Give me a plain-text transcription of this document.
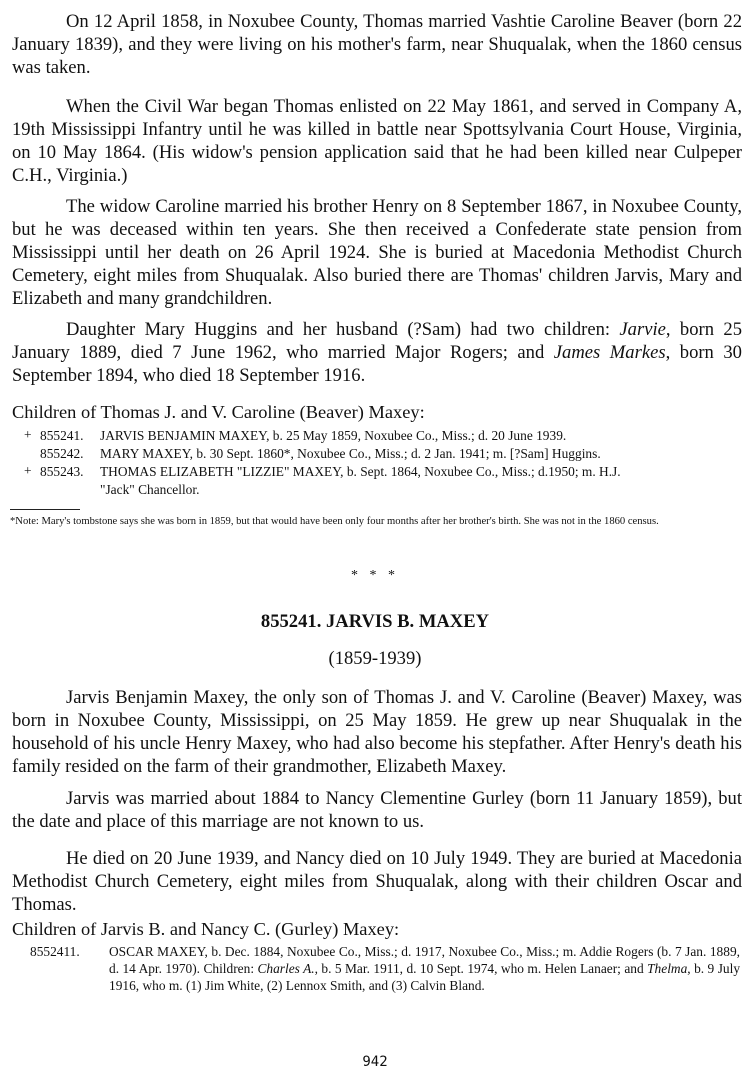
On 12 April 1858, in Noxubee County, Thomas married Vashtie Caroline Beaver (born 22 January 1839), and they were living on his mother's farm, near Shuqualak, when the 1860 census was taken.

When the Civil War began Thomas enlisted on 22 May 1861, and served in Company A, 19th Mississippi Infantry until he was killed in battle near Spottsylvania Court House, Virginia, on 10 May 1864. (His widow's pension application said that he had been killed near Culpeper C.H., Virginia.)

The widow Caroline married his brother Henry on 8 September 1867, in Noxubee County, but he was deceased within ten years. She then received a Confederate state pension from Mississippi until her death on 26 April 1924. She is buried at Macedonia Methodist Church Cemetery, eight miles from Shuqualak. Also buried there are Thomas' children Jarvis, Mary and Elizabeth and many grandchildren.

Daughter Mary Huggins and her husband (?Sam) had two children: Jarvie, born 25 January 1889, died 7 June 1962, who married Major Rogers; and James Markes, born 30 September 1894, who died 18 September 1916.

Children of Thomas J. and V. Caroline (Beaver) Maxey:
+ 855241. JARVIS BENJAMIN MAXEY, b. 25 May 1859, Noxubee Co., Miss.; d. 20 June 1939.
855242. MARY MAXEY, b. 30 Sept. 1860*, Noxubee Co., Miss.; d. 2 Jan. 1941; m. [?Sam] Huggins.
+ 855243. THOMAS ELIZABETH "LIZZIE" MAXEY, b. Sept. 1864, Noxubee Co., Miss.; d.1950; m. H.J.
"Jack" Chancellor.
*Note: Mary's tombstone says she was born in 1859, but that would have been only four months after her brother's birth. She was not in the 1860 census.
* * *
855241. JARVIS B. MAXEY
(1859-1939)

Jarvis Benjamin Maxey, the only son of Thomas J. and V. Caroline (Beaver) Maxey, was born in Noxubee County, Mississippi, on 25 May 1859. He grew up near Shuqualak in the household of his uncle Henry Maxey, who had also become his stepfather. After Henry's death his family resided on the farm of their grandmother, Elizabeth Maxey.

Jarvis was married about 1884 to Nancy Clementine Gurley (born 11 January 1859), but the date and place of this marriage are not known to us.

He died on 20 June 1939, and Nancy died on 10 July 1949. They are buried at Macedonia Methodist Church Cemetery, eight miles from Shuqualak, along with their children Oscar and Thomas.

Children of Jarvis B. and Nancy C. (Gurley) Maxey:
8552411. OSCAR MAXEY, b. Dec. 1884, Noxubee Co., Miss.; d. 1917, Noxubee Co., Miss.; m. Addie Rogers (b. 7 Jan. 1889, d. 14 Apr. 1970). Children: Charles A., b. 5 Mar. 1911, d. 10 Sept. 1974, who m. Helen Lanaer; and Thelma, b. 9 July 1916, who m. (1) Jim White, (2) Lennox Smith, and (3) Calvin Bland.
942
